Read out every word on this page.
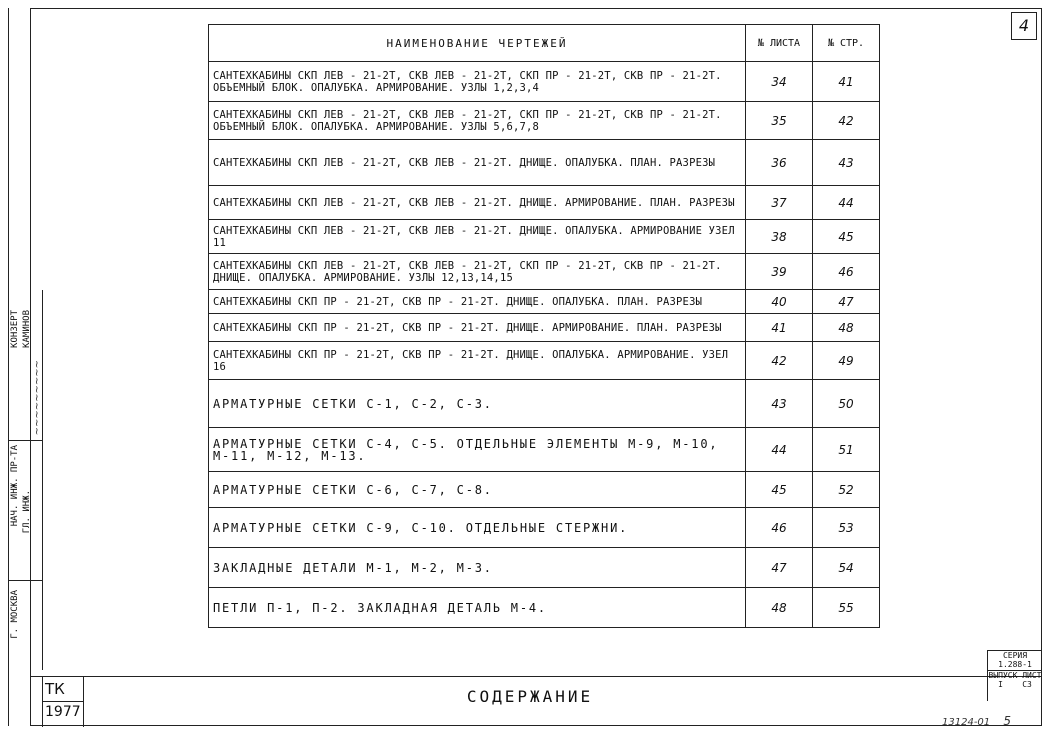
Г. МОСКВА
НАЧ. ИНЖ. ПР-ТА ГЛ. ИНЖ.
КОНЗЕРТ КАМИНОВ
~~~~~~~~~
4
НАИМЕНОВАНИЕ ЧЕРТЕЖЕЙ	№ ЛИСТА	№ СТР.
САНТЕХКАБИНЫ СКП ЛЕВ - 21-2Т, СКВ ЛЕВ - 21-2Т, СКП ПР - 21-2Т, СКВ ПР - 21-2Т. ОБЪЕМНЫЙ БЛОК. ОПАЛУБКА. АРМИРОВАНИЕ. УЗЛЫ 1,2,3,4	34	41
САНТЕХКАБИНЫ СКП ЛЕВ - 21-2Т, СКВ ЛЕВ - 21-2Т, СКП ПР - 21-2Т, СКВ ПР - 21-2Т. ОБЪЕМНЫЙ БЛОК. ОПАЛУБКА. АРМИРОВАНИЕ. УЗЛЫ 5,6,7,8	35	42
САНТЕХКАБИНЫ СКП ЛЕВ - 21-2Т, СКВ ЛЕВ - 21-2Т. ДНИЩЕ. ОПАЛУБКА. ПЛАН. РАЗРЕЗЫ	36	43
САНТЕХКАБИНЫ СКП ЛЕВ - 21-2Т, СКВ ЛЕВ - 21-2Т. ДНИЩЕ. АРМИРОВАНИЕ. ПЛАН. РАЗРЕЗЫ	37	44
САНТЕХКАБИНЫ СКП ЛЕВ - 21-2Т, СКВ ЛЕВ - 21-2Т. ДНИЩЕ. ОПАЛУБКА. АРМИРОВАНИЕ УЗЕЛ 11	38	45
САНТЕХКАБИНЫ СКП ЛЕВ - 21-2Т, СКВ ЛЕВ - 21-2Т, СКП ПР - 21-2Т, СКВ ПР - 21-2Т. ДНИЩЕ. ОПАЛУБКА. АРМИРОВАНИЕ. УЗЛЫ 12,13,14,15	39	46
САНТЕХКАБИНЫ СКП ПР - 21-2Т, СКВ ПР - 21-2Т. ДНИЩЕ. ОПАЛУБКА. ПЛАН. РАЗРЕЗЫ	40	47
САНТЕХКАБИНЫ СКП ПР - 21-2Т, СКВ ПР - 21-2Т. ДНИЩЕ. АРМИРОВАНИЕ. ПЛАН. РАЗРЕЗЫ	41	48
САНТЕХКАБИНЫ СКП ПР - 21-2Т, СКВ ПР - 21-2Т. ДНИЩЕ. ОПАЛУБКА. АРМИРОВАНИЕ. УЗЕЛ 16	42	49
АРМАТУРНЫЕ СЕТКИ С-1, С-2, С-3.	43	50
АРМАТУРНЫЕ СЕТКИ С-4, С-5. ОТДЕЛЬНЫЕ ЭЛЕМЕНТЫ М-9, М-10, М-11, М-12, М-13.	44	51
АРМАТУРНЫЕ СЕТКИ С-6, С-7, С-8.	45	52
АРМАТУРНЫЕ СЕТКИ С-9, С-10. ОТДЕЛЬНЫЕ СТЕРЖНИ.	46	53
ЗАКЛАДНЫЕ ДЕТАЛИ М-1, М-2, М-3.	47	54
ПЕТЛИ П-1, П-2. ЗАКЛАДНАЯ ДЕТАЛЬ М-4.	48	55
ТК
1977
СОДЕРЖАНИЕ
СЕРИЯ
1.288-1
ВЫПУСК ЛИСТ
I С3
13124-01 5
